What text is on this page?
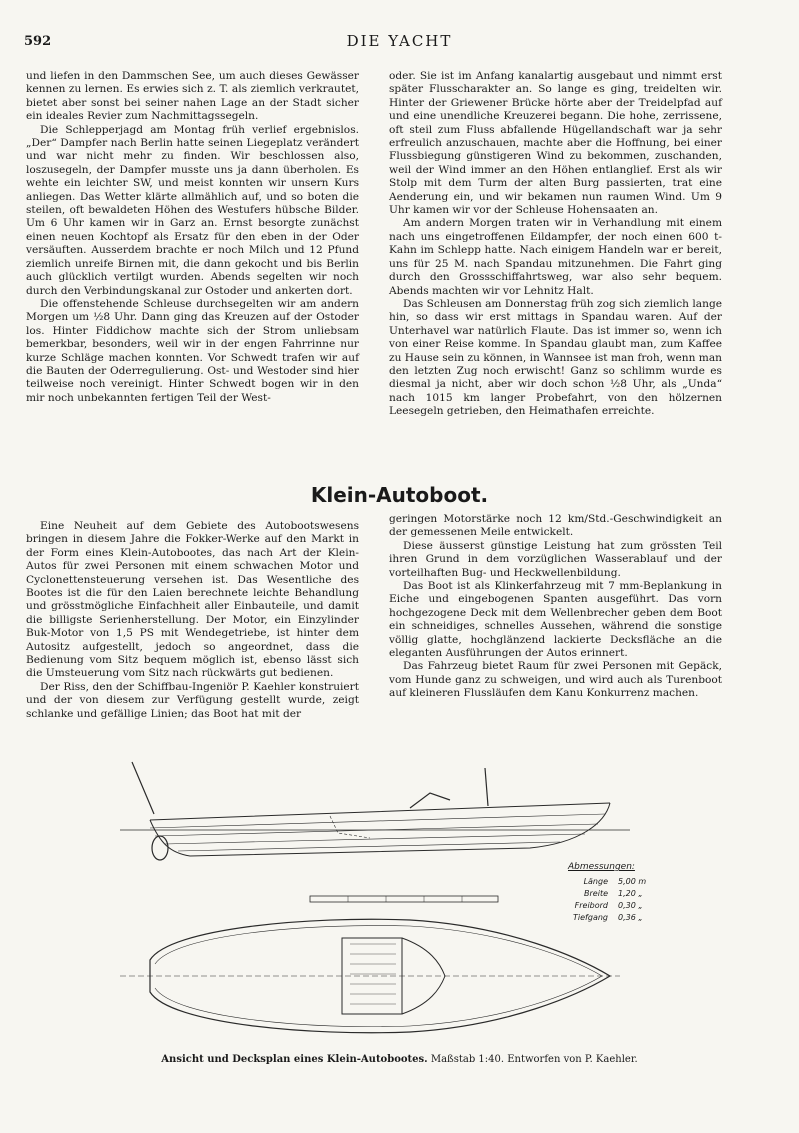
592	DIE YACHT

und liefen in den Dammschen See, um auch dieses Gewässer kennen zu lernen. Es erwies sich z. T. als ziemlich verkrautet, bietet aber sonst bei seiner nahen Lage an der Stadt sicher ein ideales Revier zum Nachmittagssegeln.

Die Schlepperjagd am Montag früh verlief ergebnislos. „Der“ Dampfer nach Berlin hatte seinen Liegeplatz verändert und war nicht mehr zu finden. Wir beschlossen also, loszusegeln, der Dampfer musste uns ja dann überholen. Es wehte ein leichter SW, und meist konnten wir unsern Kurs anliegen. Das Wetter klärte allmählich auf, und so boten die steilen, oft bewaldeten Höhen des Westufers hübsche Bilder. Um 6 Uhr kamen wir in Garz an. Ernst besorgte zunächst einen neuen Kochtopf als Ersatz für den eben in der Oder versäuften. Ausserdem brachte er noch Milch und 12 Pfund ziemlich unreife Birnen mit, die dann gekocht und bis Berlin auch glücklich vertilgt wurden. Abends segelten wir noch durch den Verbindungskanal zur Ostoder und ankerten dort.

Die offenstehende Schleuse durchsegelten wir am andern Morgen um ½8 Uhr. Dann ging das Kreuzen auf der Ostoder los. Hinter Fiddichow machte sich der Strom unliebsam bemerkbar, besonders, weil wir in der engen Fahrrinne nur kurze Schläge machen konnten. Vor Schwedt trafen wir auf die Bauten der Oderregulierung. Ost- und Westoder sind hier teilweise noch vereinigt. Hinter Schwedt bogen wir in den mir noch unbekannten fertigen Teil der West-

oder. Sie ist im Anfang kanalartig ausgebaut und nimmt erst später Flusscharakter an. So lange es ging, treidelten wir. Hinter der Griewener Brücke hörte aber der Treidelpfad auf und eine unendliche Kreuzerei begann. Die hohe, zerrissene, oft steil zum Fluss abfallende Hügellandschaft war ja sehr erfreulich anzuschauen, machte aber die Hoffnung, bei einer Flussbiegung günstigeren Wind zu bekommen, zuschanden, weil der Wind immer an den Höhen entlanglief. Erst als wir Stolp mit dem Turm der alten Burg passierten, trat eine Aenderung ein, und wir bekamen nun raumen Wind. Um 9 Uhr kamen wir vor der Schleuse Hohensaaten an.

Am andern Morgen traten wir in Verhandlung mit einem nach uns eingetroffenen Eildampfer, der noch einen 600 t-Kahn im Schlepp hatte. Nach einigem Handeln war er bereit, uns für 25 M. nach Spandau mitzunehmen. Die Fahrt ging durch den Grossschiffahrtsweg, war also sehr bequem. Abends machten wir vor Lehnitz Halt.

Das Schleusen am Donnerstag früh zog sich ziemlich lange hin, so dass wir erst mittags in Spandau waren. Auf der Unterhavel war natürlich Flaute. Das ist immer so, wenn ich von einer Reise komme. In Spandau glaubt man, zum Kaffee zu Hause sein zu können, in Wannsee ist man froh, wenn man den letzten Zug noch erwischt! Ganz so schlimm wurde es diesmal ja nicht, aber wir doch schon ½8 Uhr, als „Unda“ nach 1015 km langer Probefahrt, von den hölzernen Leesegeln getrieben, den Heimathafen erreichte.

Klein-Autoboot.

Eine Neuheit auf dem Gebiete des Autobootswesens bringen in diesem Jahre die Fokker-Werke auf den Markt in der Form eines Klein-Autobootes, das nach Art der Klein-Autos für zwei Personen mit einem schwachen Motor und Cyclonettensteuerung versehen ist. Das Wesentliche des Bootes ist die für den Laien berechnete leichte Behandlung und grösstmögliche Einfachheit aller Einbauteile, und damit die billigste Serienherstellung. Der Motor, ein Einzylinder Buk-Motor von 1,5 PS mit Wendegetriebe, ist hinter dem Autositz aufgestellt, jedoch so angeordnet, dass die Bedienung vom Sitz bequem möglich ist, ebenso lässt sich die Umsteuerung vom Sitz nach rückwärts gut bedienen.

Der Riss, den der Schiffbau-Ingeniör P. Kaehler konstruiert und der von diesem zur Verfügung gestellt wurde, zeigt schlanke und gefällige Linien; das Boot hat mit der

geringen Motorstärke noch 12 km/Std.-Geschwindigkeit an der gemessenen Meile entwickelt.

Diese äusserst günstige Leistung hat zum grössten Teil ihren Grund in dem vorzüglichen Wasserablauf und der vorteilhaften Bug- und Heckwellenbildung.

Das Boot ist als Klinkerfahrzeug mit 7 mm-Beplankung in Eiche und eingebogenen Spanten ausgeführt. Das vorn hochgezogene Deck mit dem Wellenbrecher geben dem Boot ein schneidiges, schnelles Aussehen, während die sonstige völlig glatte, hochglänzend lackierte Decksfläche an die eleganten Ausführungen der Autos erinnert.

Das Fahrzeug bietet Raum für zwei Personen mit Gepäck, vom Hunde ganz zu schweigen, und wird auch als Turenboot auf kleineren Flussläufen dem Kanu Konkurrenz machen.

Abmessungen:
Länge 5,00 m
Breite 1,20 „
Freibord 0,30 „
Tiefgang 0,36 „
Ansicht und Decksplan eines Klein-Autobootes. Maßstab 1:40. Entworfen von P. Kaehler.
